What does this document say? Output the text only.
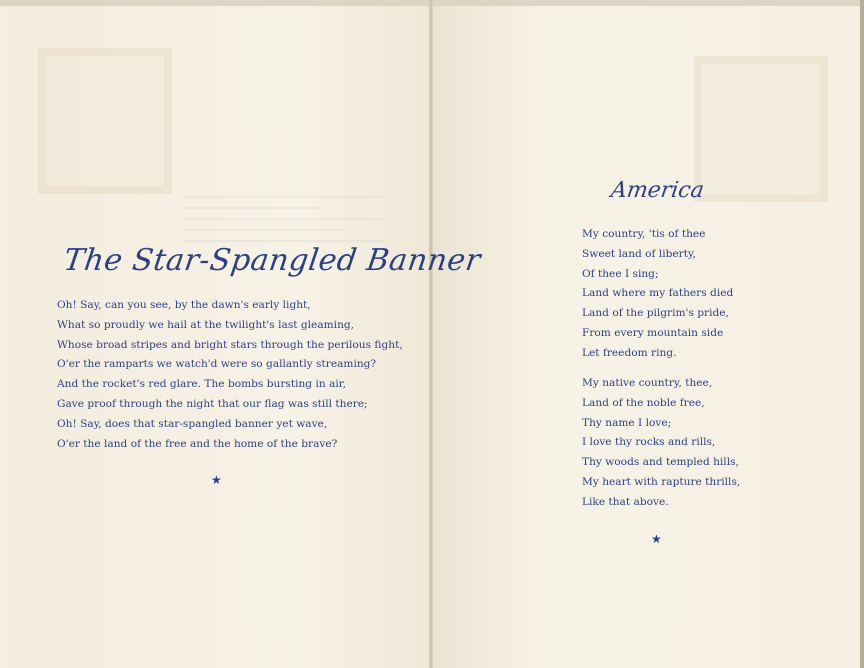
The Star-Spangled Banner
Oh! Say, can you see, by the dawn's early light,
What so proudly we hail at the twilight's last gleaming,
Whose broad stripes and bright stars through the perilous fight,
O'er the ramparts we watch'd were so gallantly streaming?
And the rocket's red glare. The bombs bursting in air,
Gave proof through the night that our flag was still there;
Oh! Say, does that star-spangled banner yet wave,
O'er the land of the free and the home of the brave?
★
America
My country, 'tis of thee
Sweet land of liberty,
Of thee I sing;
Land where my fathers died
Land of the pilgrim's pride,
From every mountain side
Let freedom ring.
My native country, thee,
Land of the noble free,
Thy name I love;
I love thy rocks and rills,
Thy woods and templed hills,
My heart with rapture thrills,
Like that above.
★
